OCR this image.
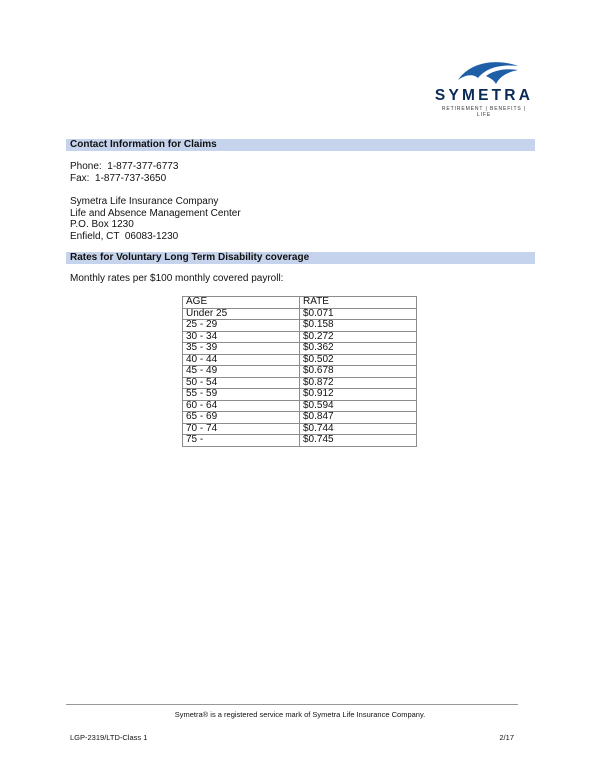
SYMETRA
RETIREMENT | BENEFITS | LIFE
Contact Information for Claims
Phone:  1-877-377-6773
Fax:  1-877-737-3650
Symetra Life Insurance Company
Life and Absence Management Center
P.O. Box 1230
Enfield, CT  06083-1230
Rates for Voluntary Long Term Disability coverage
Monthly rates per $100 monthly covered payroll:
AGE	RATE
Under 25	$0.071
25 - 29	$0.158
30 - 34	$0.272
35 - 39	$0.362
40 - 44	$0.502
45 - 49	$0.678
50 - 54	$0.872
55 - 59	$0.912
60 - 64	$0.594
65 - 69	$0.847
70 - 74	$0.744
75 -	$0.745
Symetra® is a registered service mark of Symetra Life Insurance Company.
LGP-2319/LTD-Class 1	2/17
